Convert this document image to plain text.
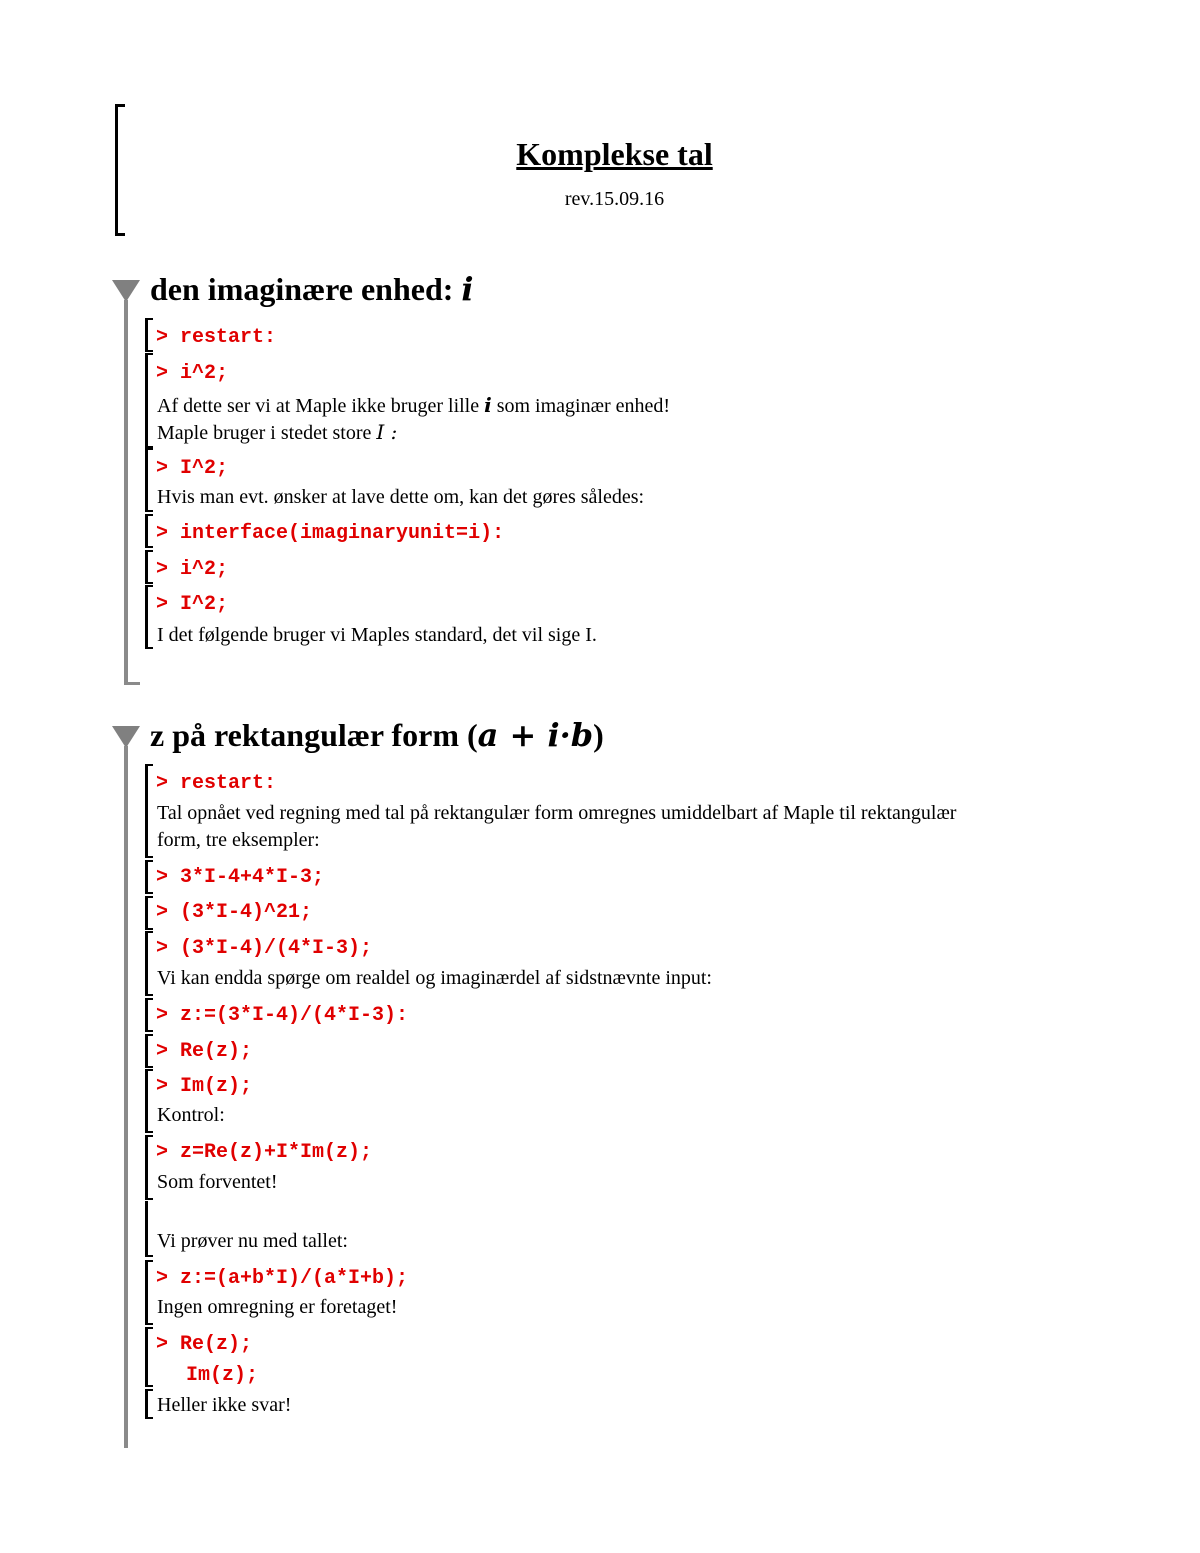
Komplekse tal
rev.15.09.16
den imaginære enhed: i
> restart:
> i^2;
Af dette ser vi at Maple ikke bruger lille i som imaginær enhed!
Maple bruger i stedet store I :
> I^2;
Hvis man evt. ønsker at lave dette om, kan det gøres således:
> interface(imaginaryunit=i):
> i^2;
> I^2;
I det følgende bruger vi Maples standard, det vil sige I.
z på rektangulær form (a + i·b)
> restart:
Tal opnået ved regning med tal på rektangulær form omregnes umiddelbart af Maple til rektangulær
form, tre eksempler:
> 3*I-4+4*I-3;
> (3*I-4)^21;
> (3*I-4)/(4*I-3);
Vi kan endda spørge om realdel og imaginærdel af sidstnævnte input:
> z:=(3*I-4)/(4*I-3):
> Re(z);
> Im(z);
Kontrol:
> z=Re(z)+I*Im(z);
Som forventet!
Vi prøver nu med tallet:
> z:=(a+b*I)/(a*I+b);
Ingen omregning er foretaget!
> Re(z);
Im(z);
Heller ikke svar!
